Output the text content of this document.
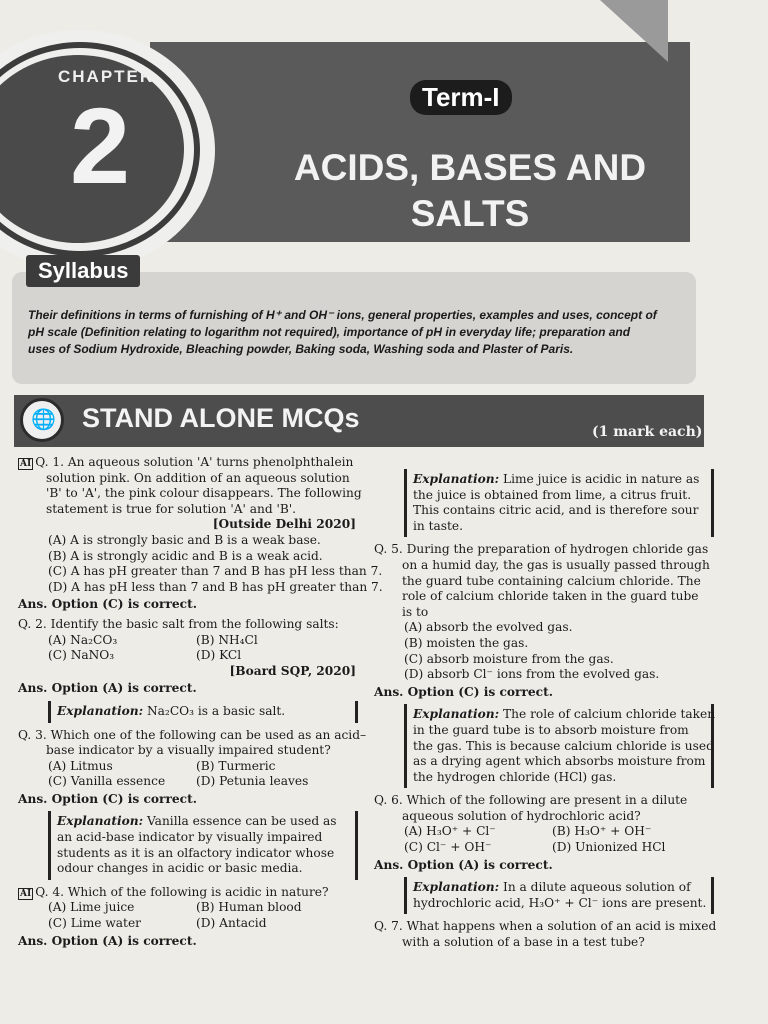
CHAPTER
2	Term-I
ACIDS, BASES AND
SALTS
Syllabus
Their definitions in terms of furnishing of H⁺ and OH⁻ ions, general properties, examples and uses, concept of
pH scale (Definition relating to logarithm not required), importance of pH in everyday life; preparation and
uses of Sodium Hydroxide, Bleaching powder, Baking soda, Washing soda and Plaster of Paris.
🌐 STAND ALONE MCQs	(1 mark each)
AI Q. 1. An aqueous solution 'A' turns phenolphthalein
solution pink. On addition of an aqueous solution
'B' to 'A', the pink colour disappears. The following
statement is true for solution 'A' and 'B'.
[Outside Delhi 2020]
(A) A is strongly basic and B is a weak base.
(B) A is strongly acidic and B is a weak acid.
(C) A has pH greater than 7 and B has pH less than 7.
(D) A has pH less than 7 and B has pH greater than 7.
Ans. Option (C) is correct.
Q. 2. Identify the basic salt from the following salts:
(A) Na₂CO₃	(B) NH₄Cl
(C) NaNO₃	(D) KCl
[Board SQP, 2020]
Ans. Option (A) is correct.
Explanation: Na₂CO₃ is a basic salt.
Q. 3. Which one of the following can be used as an acid–
base indicator by a visually impaired student?
(A) Litmus	(B) Turmeric
(C) Vanilla essence	(D) Petunia leaves
Ans. Option (C) is correct.
Explanation: Vanilla essence can be used as
an acid-base indicator by visually impaired
students as it is an olfactory indicator whose
odour changes in acidic or basic media.
AI Q. 4. Which of the following is acidic in nature?
(A) Lime juice	(B) Human blood
(C) Lime water	(D) Antacid
Ans. Option (A) is correct.
Explanation: Lime juice is acidic in nature as
the juice is obtained from lime, a citrus fruit.
This contains citric acid, and is therefore sour
in taste.
Q. 5. During the preparation of hydrogen chloride gas
on a humid day, the gas is usually passed through
the guard tube containing calcium chloride. The
role of calcium chloride taken in the guard tube
is to
(A) absorb the evolved gas.
(B) moisten the gas.
(C) absorb moisture from the gas.
(D) absorb Cl⁻ ions from the evolved gas.
Ans. Option (C) is correct.
Explanation: The role of calcium chloride taken
in the guard tube is to absorb moisture from
the gas. This is because calcium chloride is used
as a drying agent which absorbs moisture from
the hydrogen chloride (HCl) gas.
Q. 6. Which of the following are present in a dilute
aqueous solution of hydrochloric acid?
(A) H₃O⁺ + Cl⁻	(B) H₃O⁺ + OH⁻
(C) Cl⁻ + OH⁻	(D) Unionized HCl
Ans. Option (A) is correct.
Explanation: In a dilute aqueous solution of
hydrochloric acid, H₃O⁺ + Cl⁻ ions are present.
Q. 7. What happens when a solution of an acid is mixed
with a solution of a base in a test tube?
